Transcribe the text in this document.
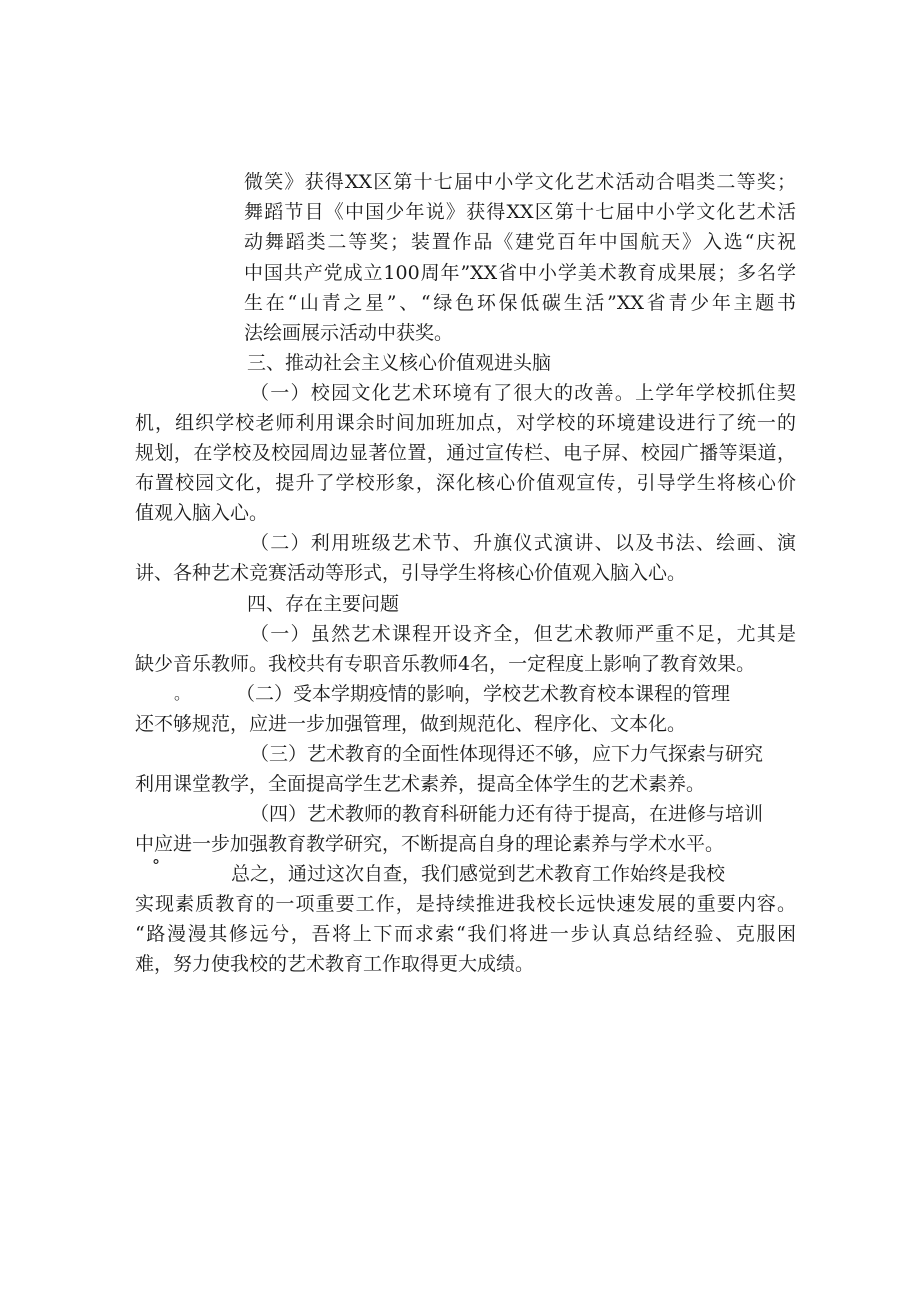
微笑》获得XX区第十七届中小学文化艺术活动合唱类二等奖；
舞蹈节目《中国少年说》获得XX区第十七届中小学文化艺术活
动舞蹈类二等奖；装置作品《建党百年中国航天》入选“庆祝
中国共产党成立100周年”XX省中小学美术教育成果展；多名学
生在“山青之星”、“绿色环保低碳生活”XX省青少年主题书
法绘画展示活动中获奖。
三、推动社会主义核心价值观进头脑
（一）校园文化艺术环境有了很大的改善。上学年学校抓住契
机，组织学校老师利用课余时间加班加点，对学校的环境建设进行了统一的
规划，在学校及校园周边显著位置，通过宣传栏、电子屏、校园广播等渠道，
布置校园文化，提升了学校形象，深化核心价值观宣传，引导学生将核心价
值观入脑入心。
（二）利用班级艺术节、升旗仪式演讲、以及书法、绘画、演
讲、各种艺术竞赛活动等形式，引导学生将核心价值观入脑入心。
四、存在主要问题
（一）虽然艺术课程开设齐全，但艺术教师严重不足，尤其是
缺少音乐教师。我校共有专职音乐教师4名，一定程度上影响了教育效果。
。 （二）受本学期疫情的影响，学校艺术教育校本课程的管理
还不够规范，应进一步加强管理，做到规范化、程序化、文本化。
（三）艺术教育的全面性体现得还不够，应下力气探索与研究
利用课堂教学，全面提高学生艺术素养，提高全体学生的艺术素养。
（四）艺术教师的教育科研能力还有待于提高，在进修与培训
中应进一步加强教育教学研究，不断提高自身的理论素养与学术水平。
°	总之，通过这次自查，我们感觉到艺术教育工作始终是我校
实现素质教育的一项重要工作，是持续推进我校长远快速发展的重要内容。
“路漫漫其修远兮，吾将上下而求索“我们将进一步认真总结经验、克服困
难，努力使我校的艺术教育工作取得更大成绩。
